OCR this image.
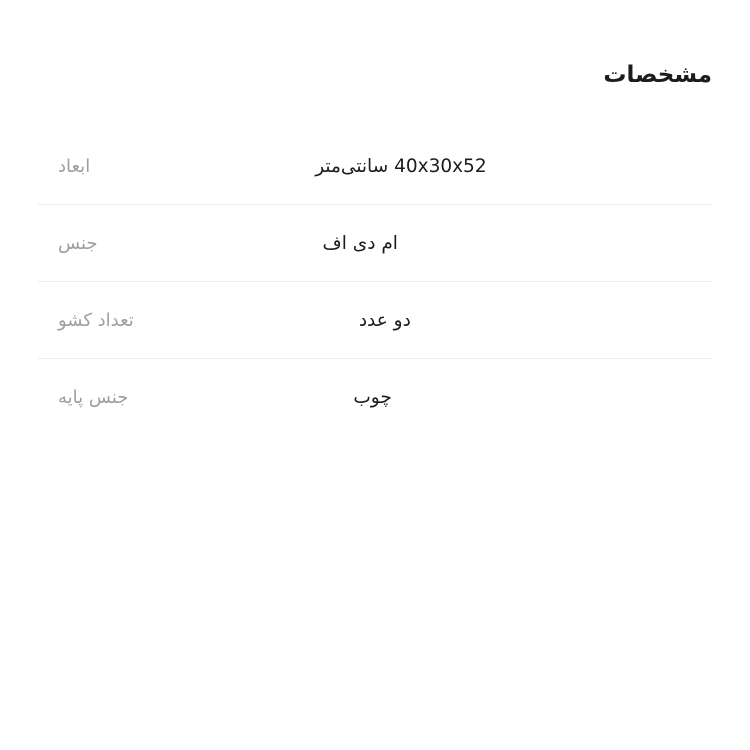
مشخصات
40x30x52 سانتی‌متر
ابعاد
ام دی اف
جنس
دو عدد
تعداد کشو
چوب
جنس پایه
